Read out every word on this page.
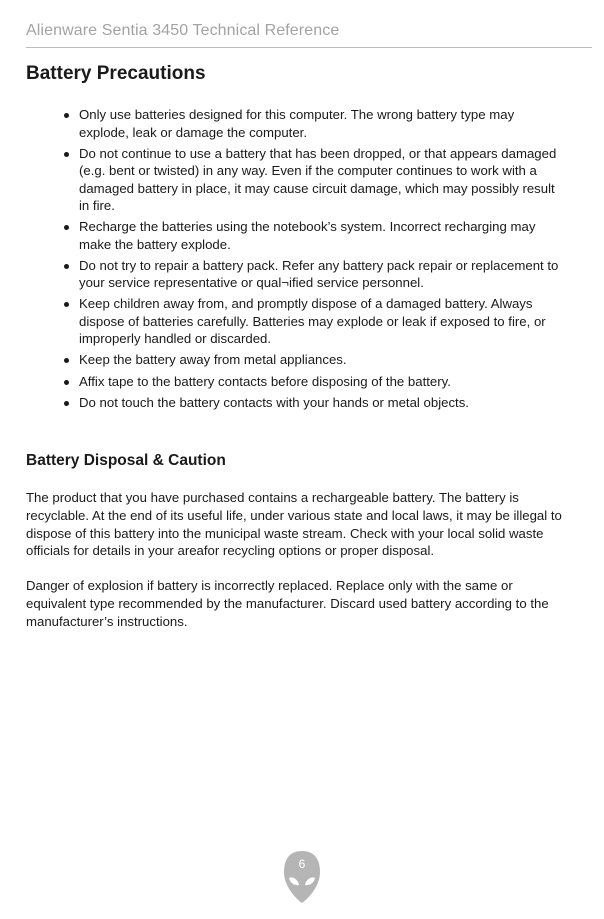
Alienware Sentia 3450 Technical Reference
Battery Precautions
Only use batteries designed for this computer. The wrong battery type may explode, leak or damage the computer.
Do not continue to use a battery that has been dropped, or that appears damaged (e.g. bent or twisted) in any way. Even if the computer continues to work with a damaged battery in place, it may cause circuit damage, which may possibly result in fire.
Recharge the batteries using the notebook’s system. Incorrect recharging may make the battery explode.
Do not try to repair a battery pack. Refer any battery pack repair or replacement to your service representative or qual¬ified service personnel.
Keep children away from, and promptly dispose of a damaged battery. Always dispose of batteries carefully. Batteries may explode or leak if exposed to fire, or improperly handled or discarded.
Keep the battery away from metal appliances.
Affix tape to the battery contacts before disposing of the battery.
Do not touch the battery contacts with your hands or metal objects.
Battery Disposal & Caution

The product that you have purchased contains a rechargeable battery. The battery is recyclable. At the end of its useful life, under various state and local laws, it may be illegal to dispose of this battery into the municipal waste stream. Check with your local solid waste officials for details in your areafor recycling options or proper disposal.

Danger of explosion if battery is incorrectly replaced. Replace only with the same or equivalent type recommended by the manufacturer. Discard used battery according to the manufacturer’s instructions.

6
